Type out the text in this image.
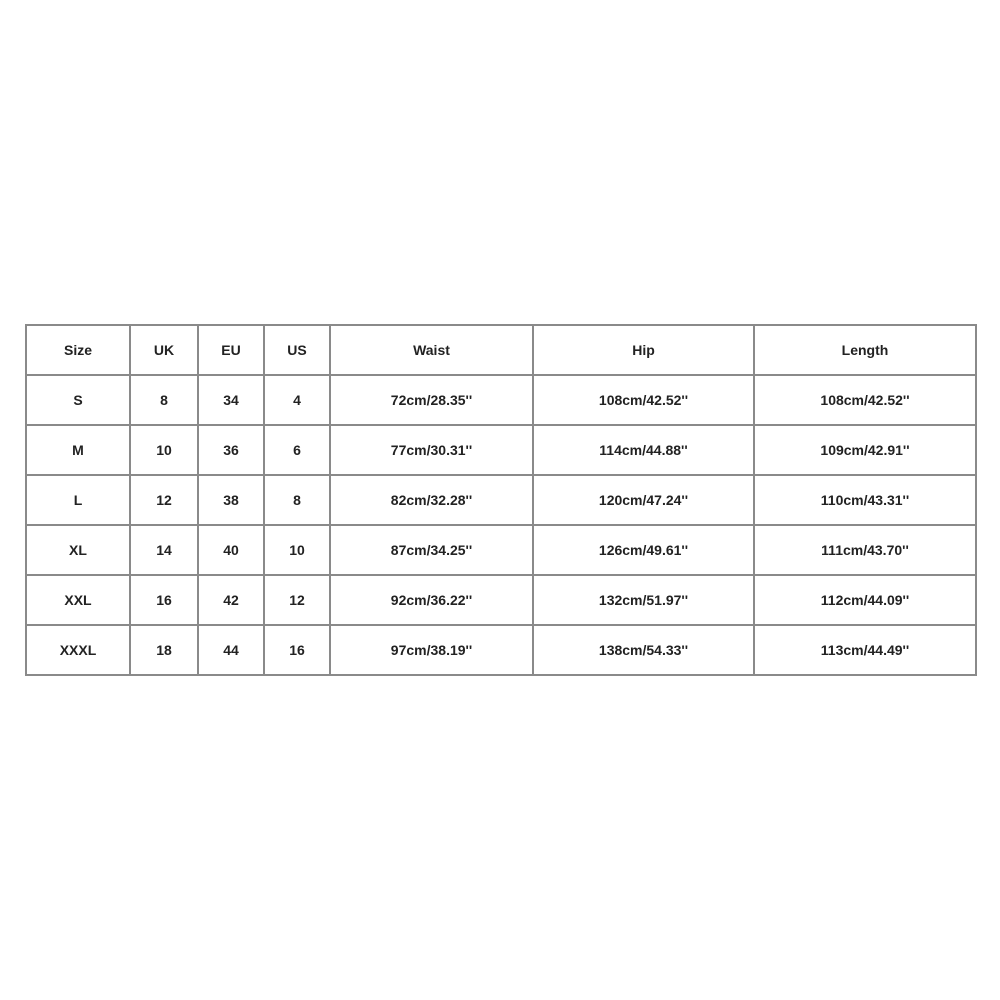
Size	UK	EU	US	Waist	Hip	Length
S	8	34	4	72cm/28.35''	108cm/42.52''	108cm/42.52''
M	10	36	6	77cm/30.31''	114cm/44.88''	109cm/42.91''
L	12	38	8	82cm/32.28''	120cm/47.24''	110cm/43.31''
XL	14	40	10	87cm/34.25''	126cm/49.61''	111cm/43.70''
XXL	16	42	12	92cm/36.22''	132cm/51.97''	112cm/44.09''
XXXL	18	44	16	97cm/38.19''	138cm/54.33''	113cm/44.49''
